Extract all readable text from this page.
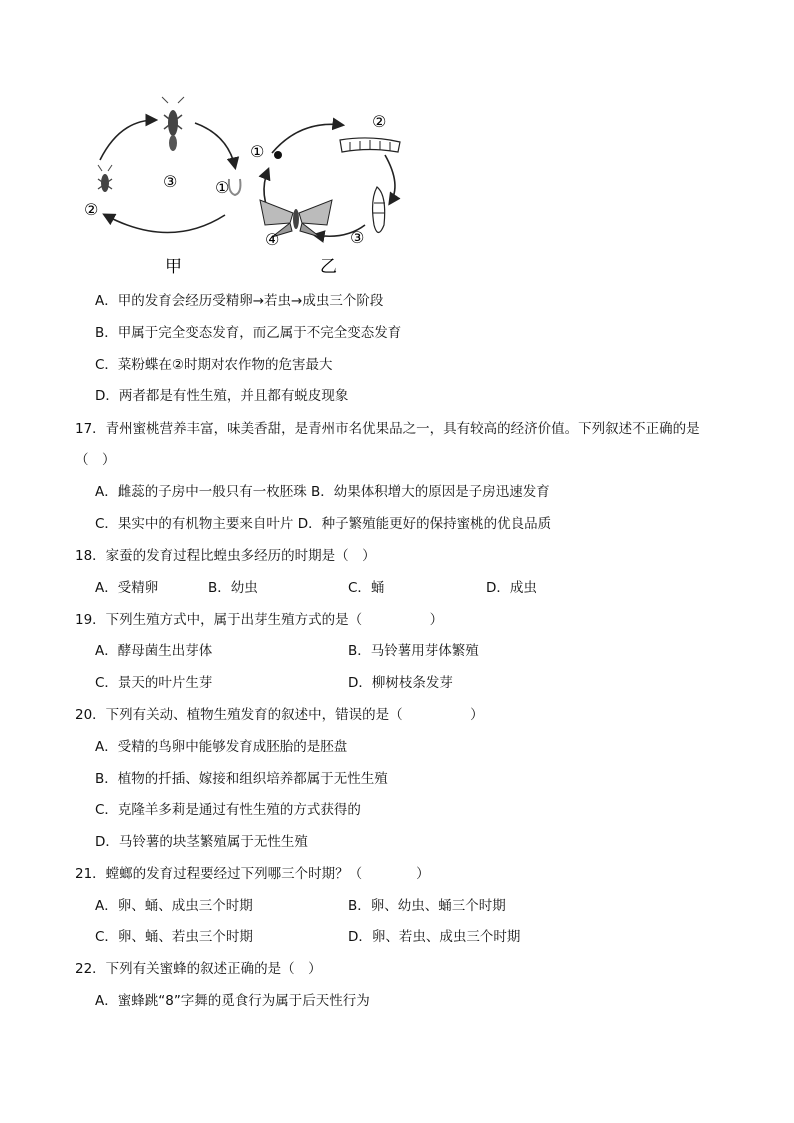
①
②
③
①
②
③
④
甲	乙
A．甲的发育会经历受精卵→若虫→成虫三个阶段
B．甲属于完全变态发育，而乙属于不完全变态发育
C．菜粉蝶在②时期对农作物的危害最大
D．两者都是有性生殖，并且都有蜕皮现象
17．青州蜜桃营养丰富，味美香甜，是青州市名优果品之一，具有较高的经济价值。下列叙述不正确的是
（　）
A．雌蕊的子房中一般只有一枚胚珠 B．幼果体积增大的原因是子房迅速发育
C．果实中的有机物主要来自叶片 D．种子繁殖能更好的保持蜜桃的优良品质
18．家蚕的发育过程比蝗虫多经历的时期是（　）
A．受精卵	B．幼虫	C．蛹	D．成虫
19．下列生殖方式中，属于出芽生殖方式的是（　　　　　）
A．酵母菌生出芽体	B．马铃薯用芽体繁殖
C．景天的叶片生芽	D．柳树枝条发芽
20．下列有关动、植物生殖发育的叙述中，错误的是（　　　　　）
A．受精的鸟卵中能够发育成胚胎的是胚盘
B．植物的扦插、嫁接和组织培养都属于无性生殖
C．克隆羊多莉是通过有性生殖的方式获得的
D．马铃薯的块茎繁殖属于无性生殖
21．螳螂的发育过程要经过下列哪三个时期？（　　　　）
A．卵、蛹、成虫三个时期	B．卵、幼虫、蛹三个时期
C．卵、蛹、若虫三个时期	D．卵、若虫、成虫三个时期
22．下列有关蜜蜂的叙述正确的是（　）
A．蜜蜂跳“8”字舞的觅食行为属于后天性行为
